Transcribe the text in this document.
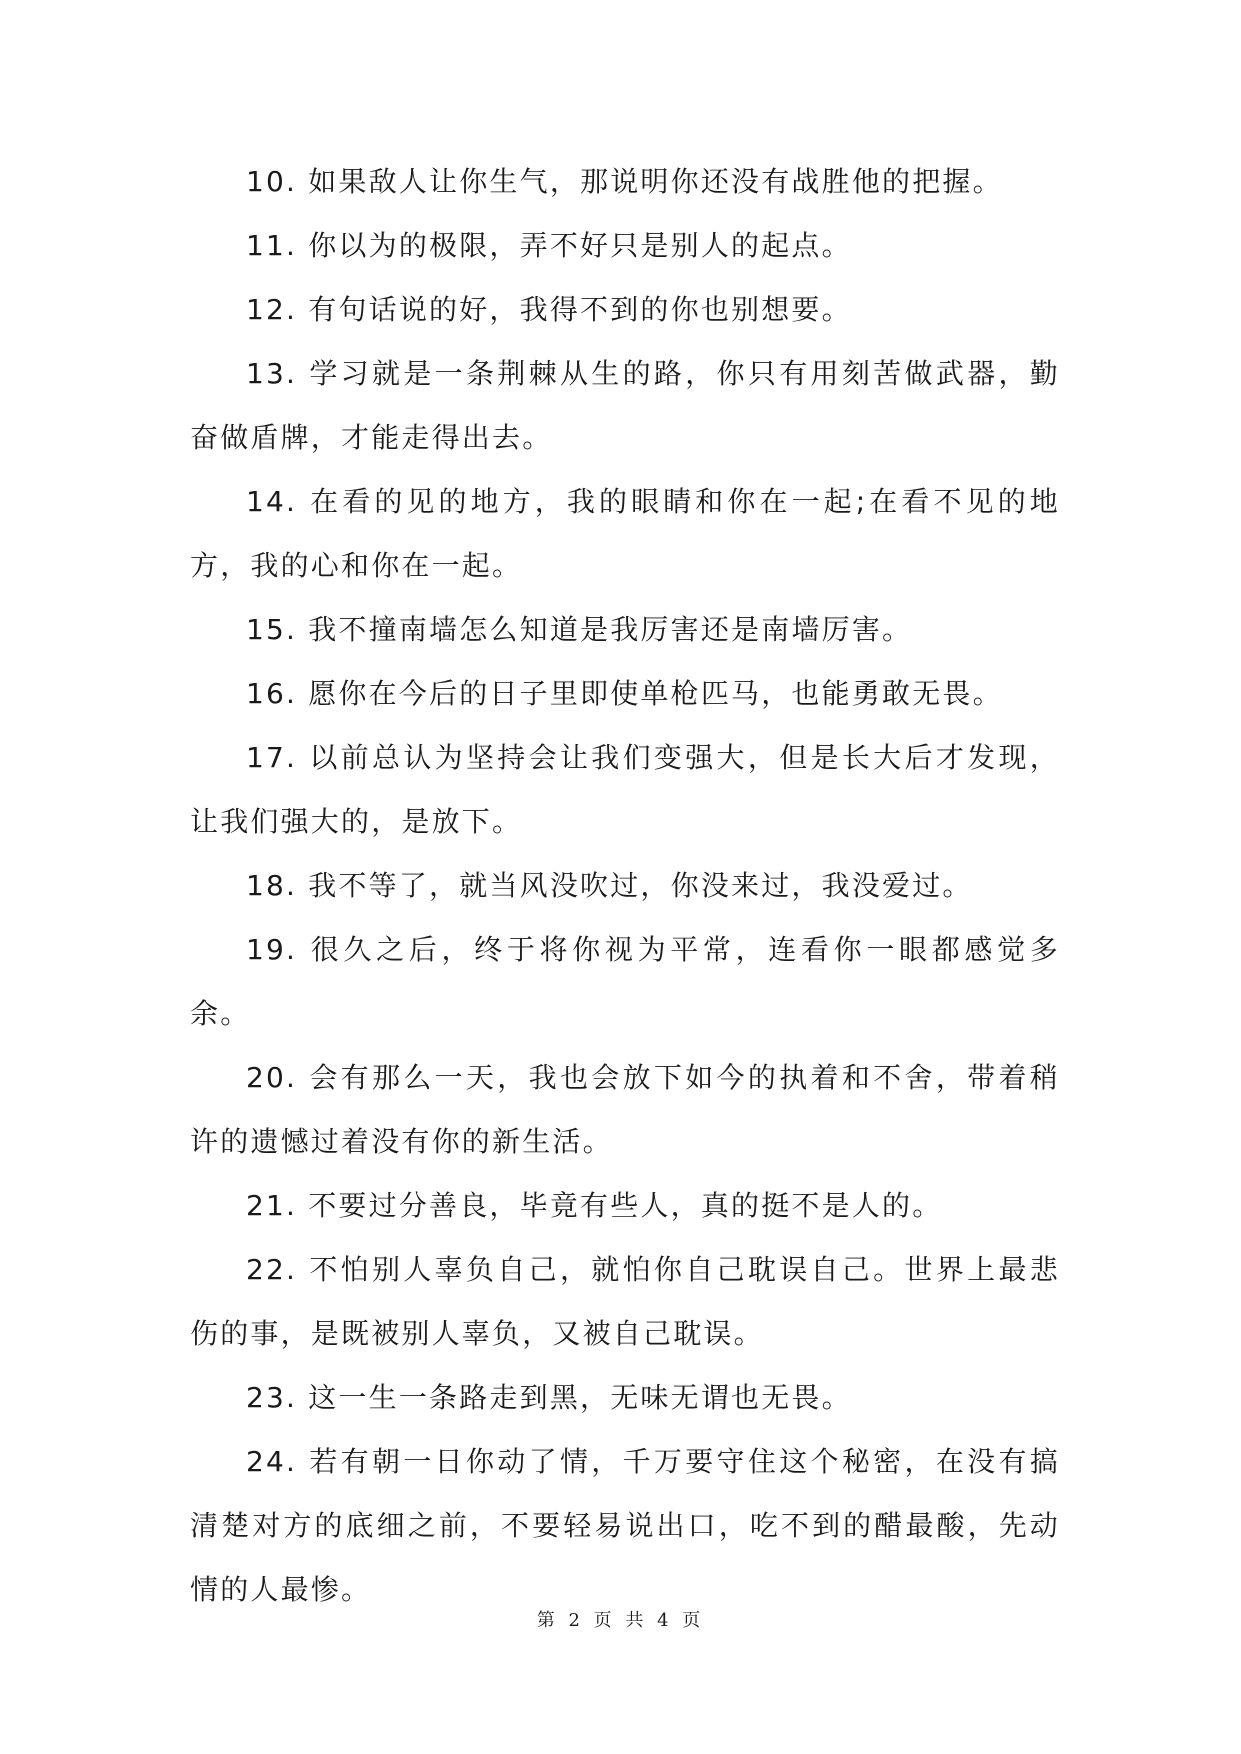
10. 如果敌人让你生气，那说明你还没有战胜他的把握。

11. 你以为的极限，弄不好只是别人的起点。

12. 有句话说的好，我得不到的你也别想要。

13. 学习就是一条荆棘从生的路，你只有用刻苦做武器，勤奋做盾牌，才能走得出去。

14. 在看的见的地方，我的眼睛和你在一起;在看不见的地方，我的心和你在一起。

15. 我不撞南墙怎么知道是我厉害还是南墙厉害。

16. 愿你在今后的日子里即使单枪匹马，也能勇敢无畏。

17. 以前总认为坚持会让我们变强大，但是长大后才发现，让我们强大的，是放下。

18. 我不等了，就当风没吹过，你没来过，我没爱过。

19. 很久之后，终于将你视为平常，连看你一眼都感觉多余。

20. 会有那么一天，我也会放下如今的执着和不舍，带着稍许的遗憾过着没有你的新生活。

21. 不要过分善良，毕竟有些人，真的挺不是人的。

22. 不怕别人辜负自己，就怕你自己耽误自己。世界上最悲伤的事，是既被别人辜负，又被自己耽误。

23. 这一生一条路走到黑，无味无谓也无畏。

24. 若有朝一日你动了情，千万要守住这个秘密，在没有搞清楚对方的底细之前，不要轻易说出口，吃不到的醋最酸，先动情的人最惨。

第 2 页 共 4 页
